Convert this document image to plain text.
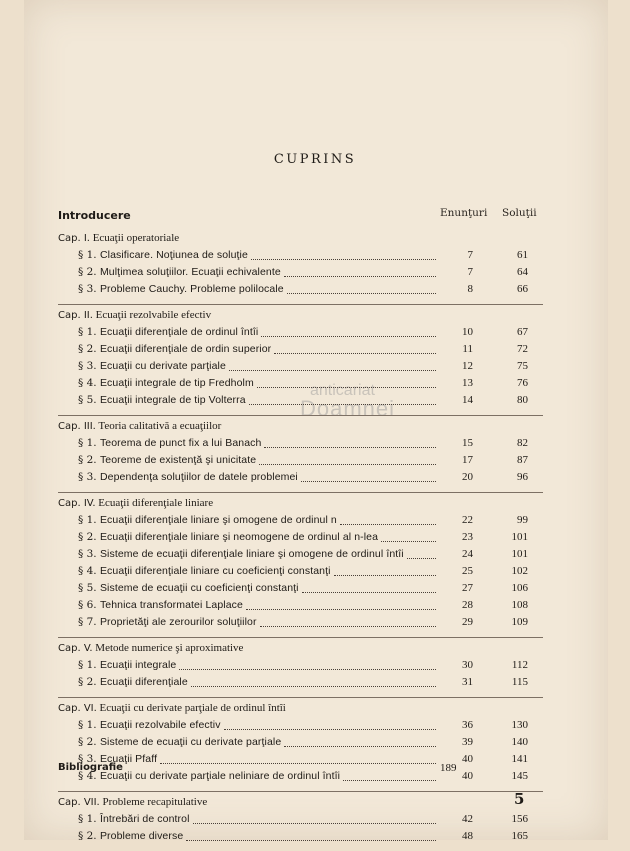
CUPRINS
anticariat
Doamnei
Introducere	Enunţuri Soluţii
Cap. I. Ecuaţii operatoriale
§ 1. Clasificare. Noţiunea de soluţie	7	61
§ 2. Mulţimea soluţiilor. Ecuaţii echivalente	7	64
§ 3. Probleme Cauchy. Probleme polilocale	8	66
Cap. II. Ecuaţii rezolvabile efectiv
§ 1. Ecuaţii diferenţiale de ordinul întîi	10	67
§ 2. Ecuaţii diferenţiale de ordin superior	11	72
§ 3. Ecuaţii cu derivate parţiale	12	75
§ 4. Ecuaţii integrale de tip Fredholm	13	76
§ 5. Ecuaţii integrale de tip Volterra	14	80
Cap. III. Teoria calitativă a ecuaţiilor
§ 1. Teorema de punct fix a lui Banach	15	82
§ 2. Teoreme de existenţă şi unicitate	17	87
§ 3. Dependenţa soluţiilor de datele problemei	20	96
Cap. IV. Ecuaţii diferenţiale liniare
§ 1. Ecuaţii diferenţiale liniare şi omogene de ordinul n	22	99
§ 2. Ecuaţii diferenţiale liniare şi neomogene de ordinul al n-lea	23	101
§ 3. Sisteme de ecuaţii diferenţiale liniare şi omogene de ordinul întîi	24	101
§ 4. Ecuaţii diferenţiale liniare cu coeficienţi constanţi	25	102
§ 5. Sisteme de ecuaţii cu coeficienţi constanţi	27	106
§ 6. Tehnica transformatei Laplace	28	108
§ 7. Proprietăţi ale zerourilor soluţiilor	29	109
Cap. V. Metode numerice şi aproximative
§ 1. Ecuaţii integrale	30	112
§ 2. Ecuaţii diferenţiale	31	115
Cap. VI. Ecuaţii cu derivate parţiale de ordinul întîi
§ 1. Ecuaţii rezolvabile efectiv	36	130
§ 2. Sisteme de ecuaţii cu derivate parţiale	39	140
§ 3. Ecuaţii Pfaff	40	141
§ 4. Ecuaţii cu derivate parţiale neliniare de ordinul întîi	40	145
Cap. VII. Probleme recapitulative
§ 1. Întrebări de control	42	156
§ 2. Probleme diverse	48	165
Bibliografie	189
5
